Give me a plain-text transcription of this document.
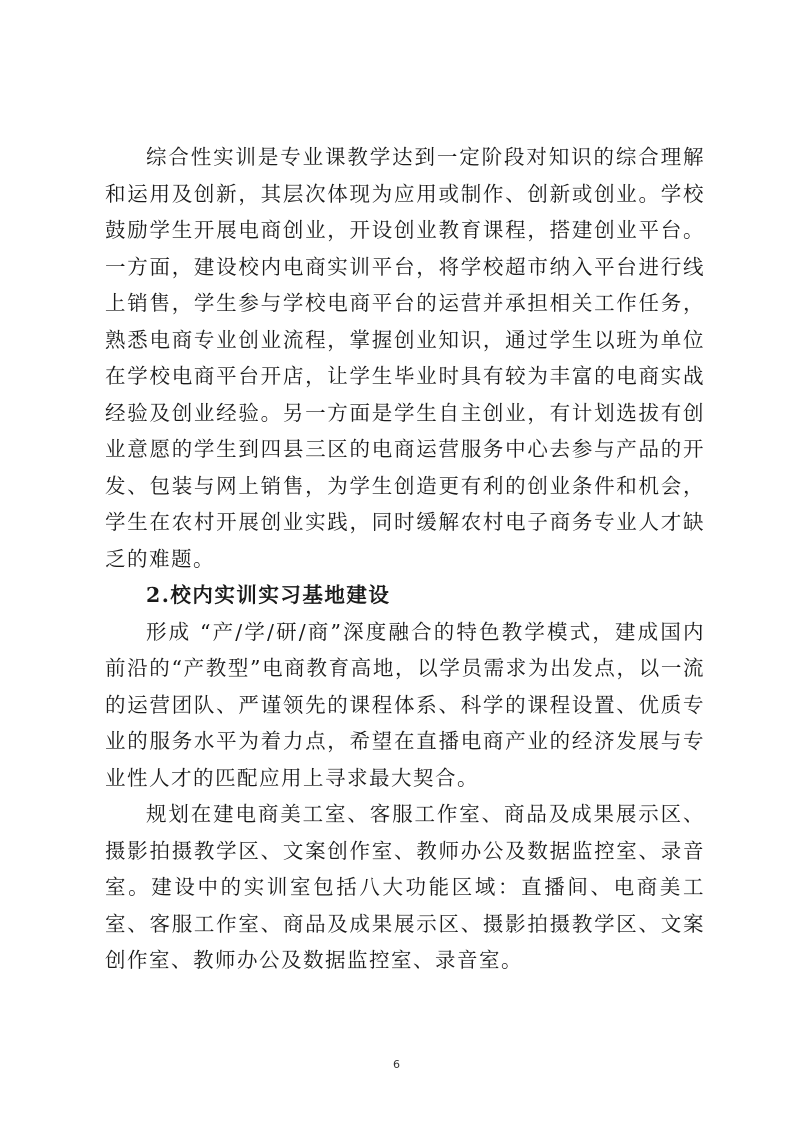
综合性实训是专业课教学达到一定阶段对知识的综合理解和运用及创新，其层次体现为应用或制作、创新或创业。学校鼓励学生开展电商创业，开设创业教育课程，搭建创业平台。一方面，建设校内电商实训平台，将学校超市纳入平台进行线上销售，学生参与学校电商平台的运营并承担相关工作任务，熟悉电商专业创业流程，掌握创业知识，通过学生以班为单位在学校电商平台开店，让学生毕业时具有较为丰富的电商实战经验及创业经验。另一方面是学生自主创业，有计划选拔有创业意愿的学生到四县三区的电商运营服务中心去参与产品的开发、包装与网上销售，为学生创造更有利的创业条件和机会，学生在农村开展创业实践，同时缓解农村电子商务专业人才缺乏的难题。

2.校内实训实习基地建设

形成 “产/学/研/商”深度融合的特色教学模式，建成国内前沿的“产教型”电商教育高地，以学员需求为出发点，以一流的运营团队、严谨领先的课程体系、科学的课程设置、优质专业的服务水平为着力点，希望在直播电商产业的经济发展与专业性人才的匹配应用上寻求最大契合。

规划在建电商美工室、客服工作室、商品及成果展示区、摄影拍摄教学区、文案创作室、教师办公及数据监控室、录音室。建设中的实训室包括八大功能区域：直播间、电商美工室、客服工作室、商品及成果展示区、摄影拍摄教学区、文案创作室、教师办公及数据监控室、录音室。

6
